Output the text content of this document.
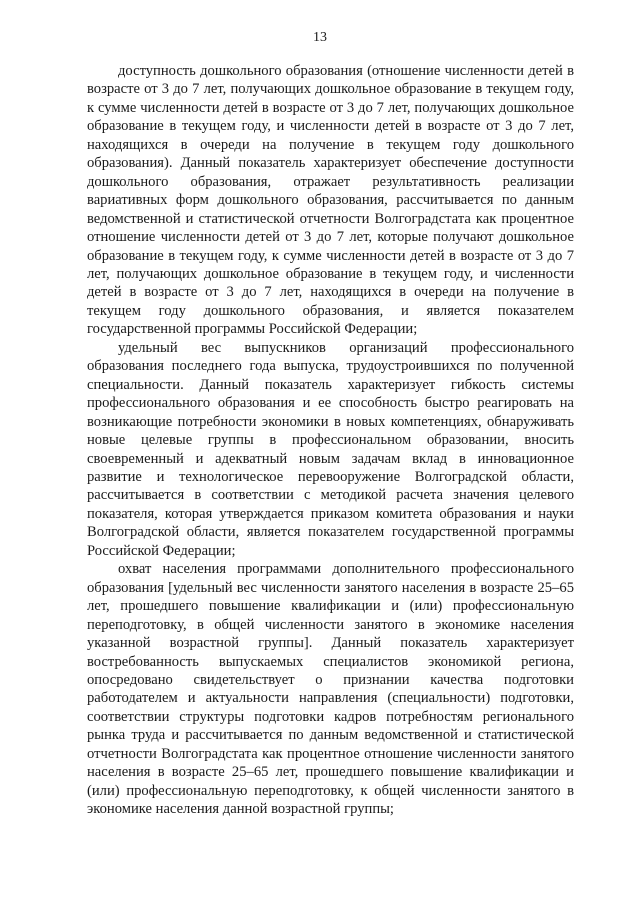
13

доступность дошкольного образования (отношение численности детей в возрасте от 3 до 7 лет, получающих дошкольное образование в текущем году, к сумме численности детей в возрасте от 3 до 7 лет, получающих дошкольное образование в текущем году, и численности детей в возрасте от 3 до 7 лет, находящихся в очереди на получение в текущем году дошкольного образования). Данный показатель характеризует обеспечение доступности дошкольного образования, отражает результативность реализации вариативных форм дошкольного образования, рассчитывается по данным ведомственной и статистической отчетности Волгоградстата как процентное отношение численности детей от 3 до 7 лет, которые получают дошкольное образование в текущем году, к сумме численности детей в возрасте от 3 до 7 лет, получающих дошкольное образование в текущем году, и численности детей в возрасте от 3 до 7 лет, находящихся в очереди на получение в текущем году дошкольного образования, и является показателем государственной программы Российской Федерации;

удельный вес выпускников организаций профессионального образования последнего года выпуска, трудоустроившихся по полученной специальности. Данный показатель характеризует гибкость системы профессионального образования и ее способность быстро реагировать на возникающие потребности экономики в новых компетенциях, обнаруживать новые целевые группы в профессиональном образовании, вносить своевременный и адекватный новым задачам вклад в инновационное развитие и технологическое перевооружение Волгоградской области, рассчитывается в соответствии с методикой расчета значения целевого показателя, которая утверждается приказом комитета образования и науки Волгоградской области, является показателем государственной программы Российской Федерации;

охват населения программами дополнительного профессионального образования [удельный вес численности занятого населения в возрасте 25–65 лет, прошедшего повышение квалификации и (или) профессиональную переподготовку, в общей численности занятого в экономике населения указанной возрастной группы]. Данный показатель характеризует востребованность выпускаемых специалистов экономикой региона, опосредовано свидетельствует о признании качества подготовки работодателем и актуальности направления (специальности) подготовки, соответствии структуры подготовки кадров потребностям регионального рынка труда и рассчитывается по данным ведомственной и статистической отчетности Волгоградстата как процентное отношение численности занятого населения в возрасте 25–65 лет, прошедшего повышение квалификации и (или) профессиональную переподготовку, к общей численности занятого в экономике населения данной возрастной группы;
